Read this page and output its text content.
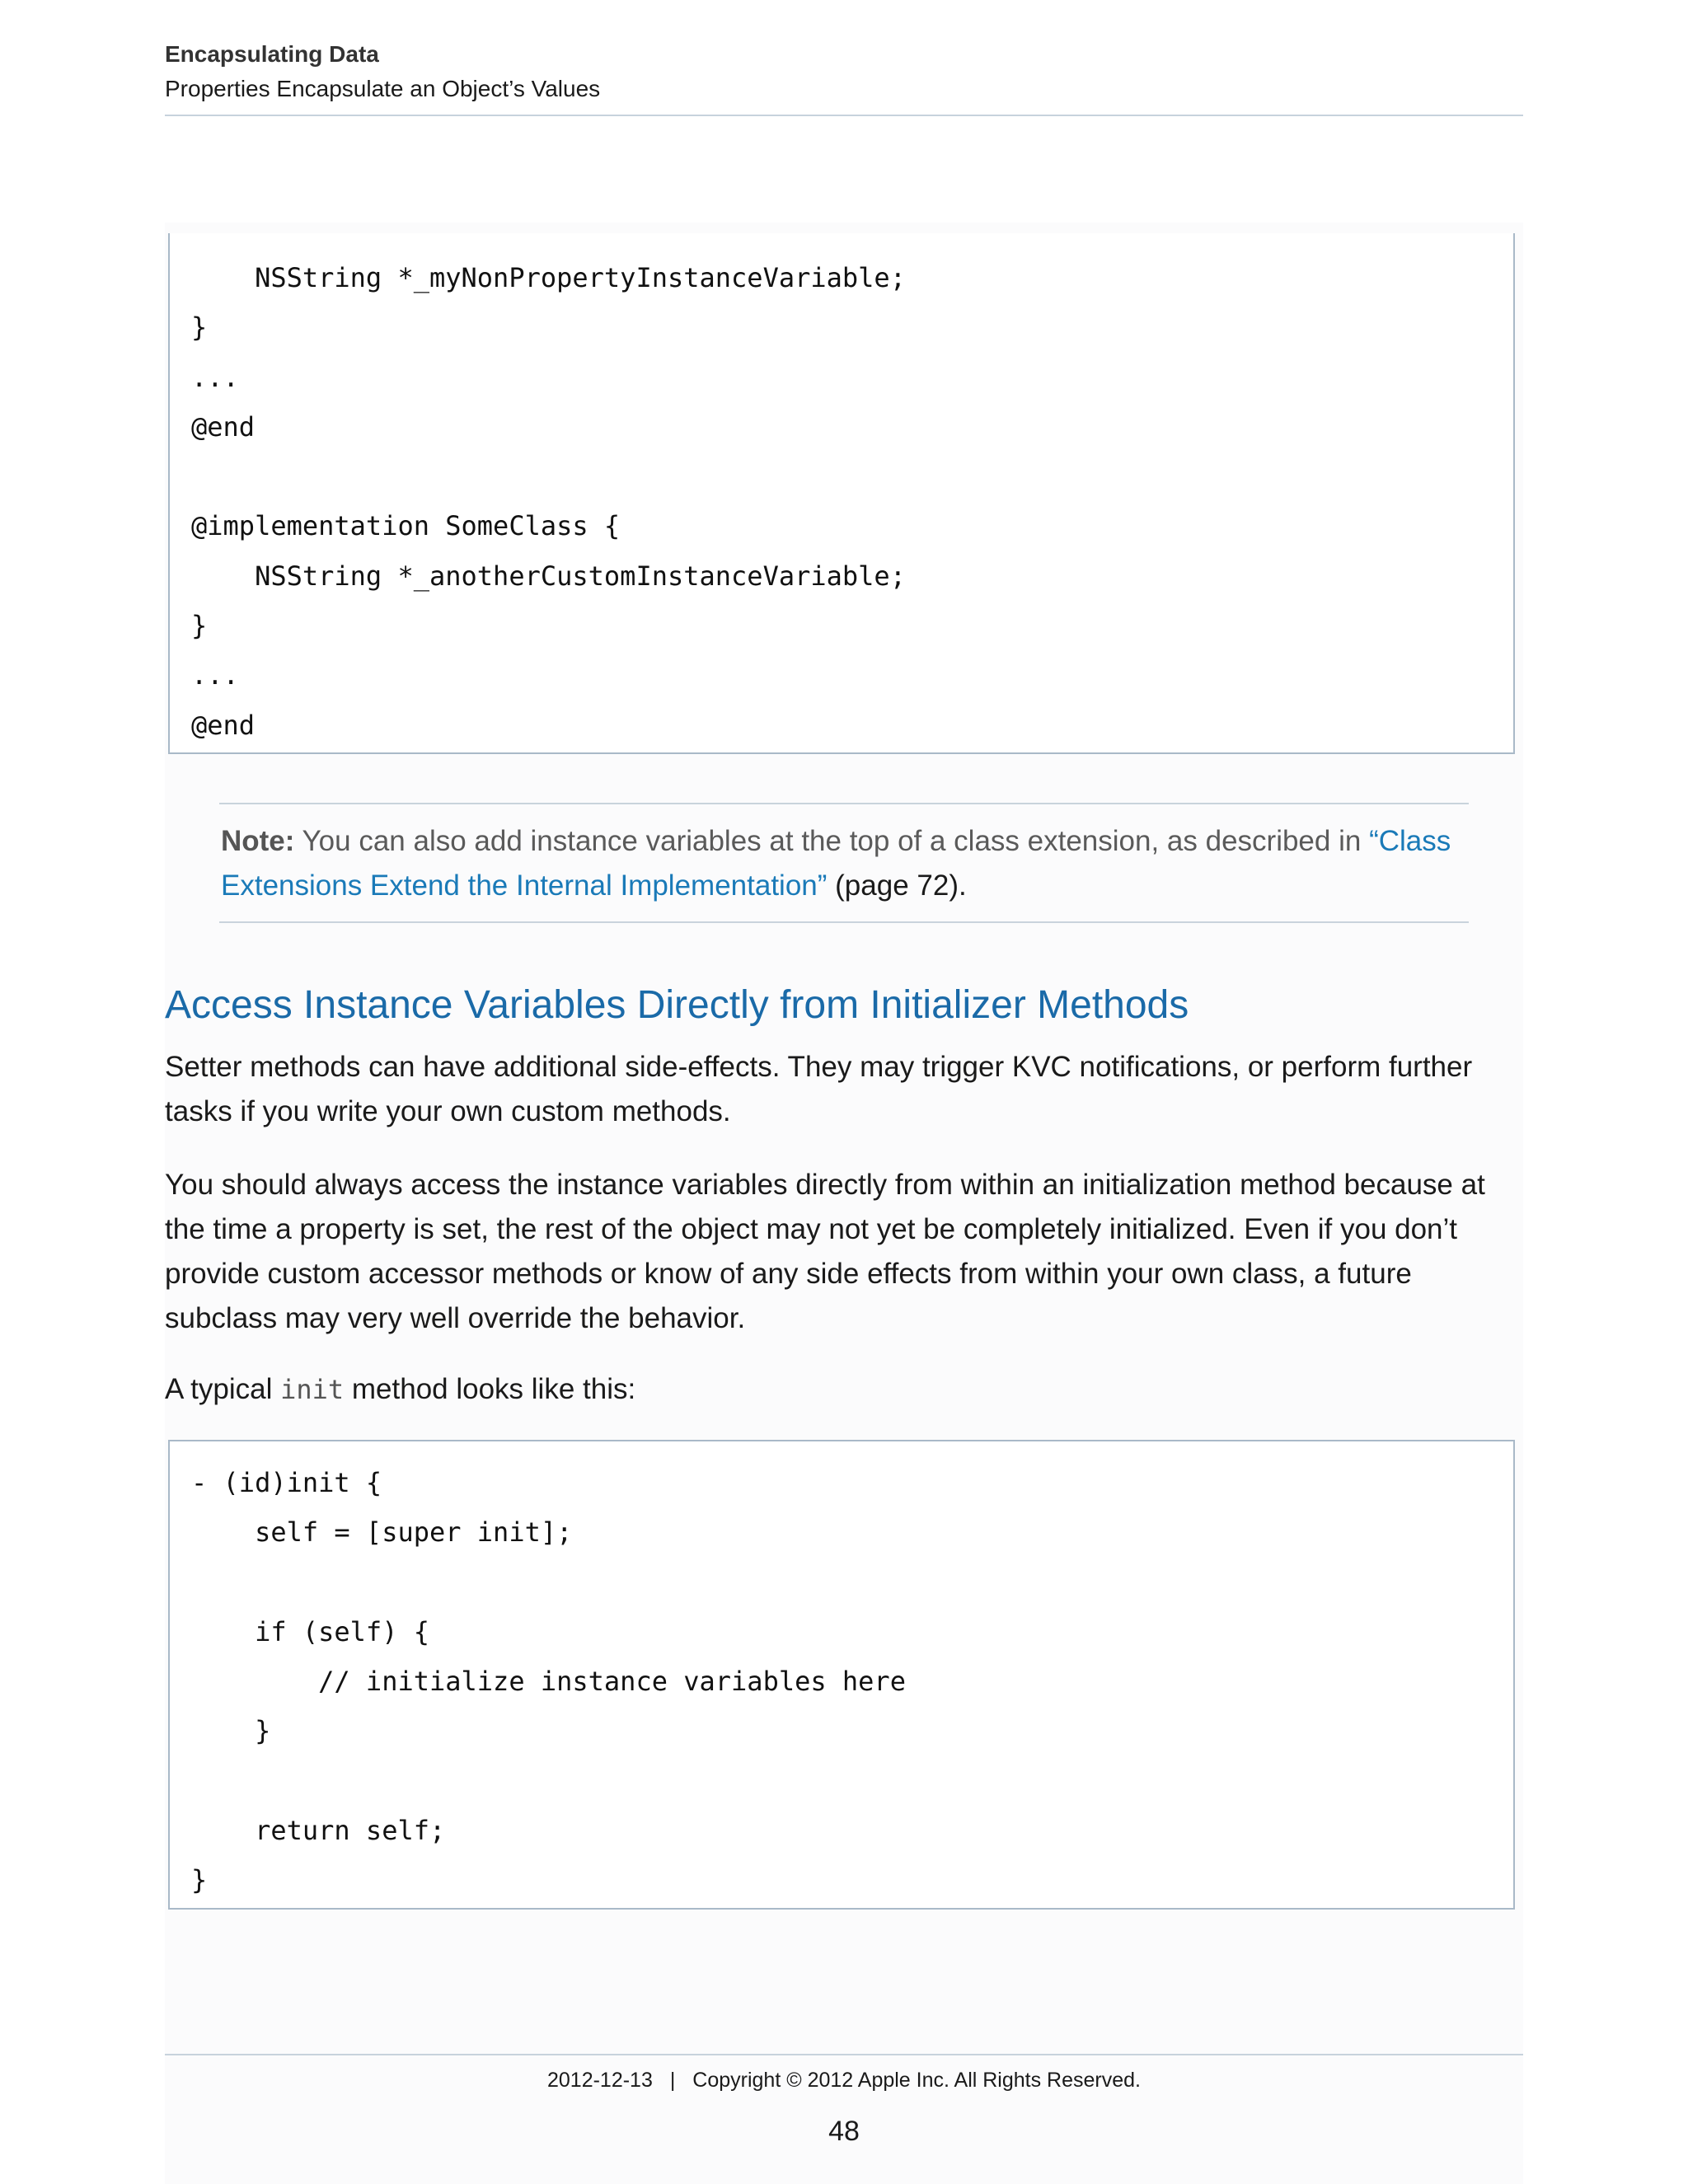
Encapsulating Data
Properties Encapsulate an Object’s Values
NSString *_myNonPropertyInstanceVariable;
}
...
@end
@implementation SomeClass {
NSString *_anotherCustomInstanceVariable;
}
...
@end
Note: You can also add instance variables at the top of a class extension, as described in “Class Extensions Extend the Internal Implementation” (page 72).
Access Instance Variables Directly from Initializer Methods
Setter methods can have additional side-effects. They may trigger KVC notifications, or perform further tasks if you write your own custom methods.
You should always access the instance variables directly from within an initialization method because at the time a property is set, the rest of the object may not yet be completely initialized. Even if you don’t provide custom accessor methods or know of any side effects from within your own class, a future subclass may very well override the behavior.
A typical init method looks like this:
- (id)init {
self = [super init];
if (self) {
// initialize instance variables here
}
return self;
}
2012-12-13 | Copyright © 2012 Apple Inc. All Rights Reserved.
48
